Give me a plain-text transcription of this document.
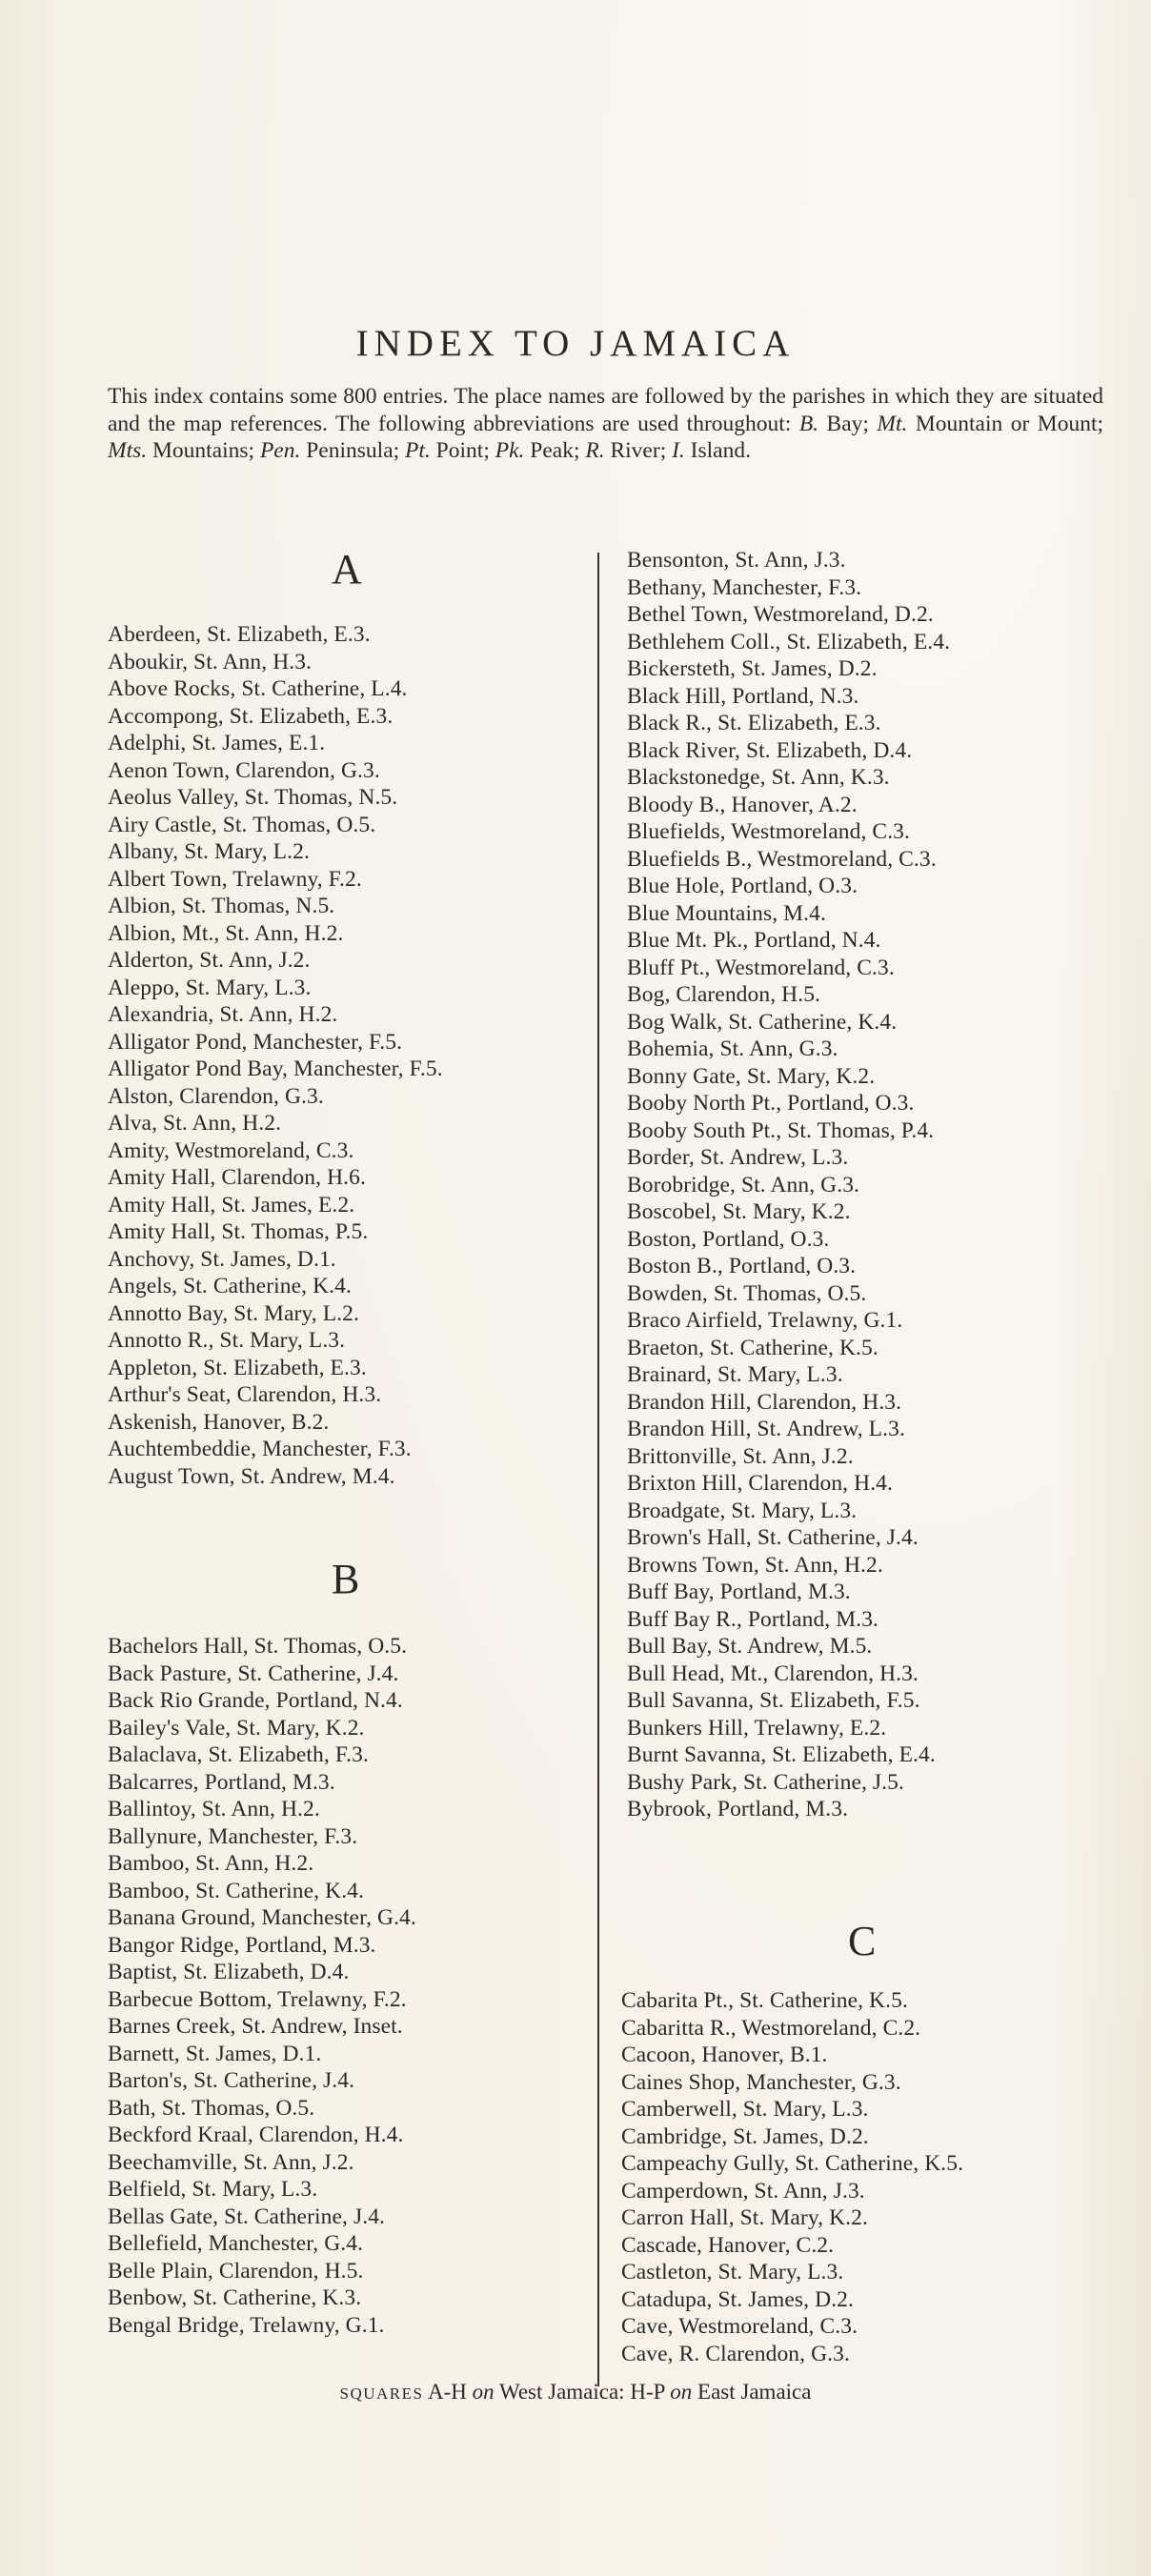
INDEX TO JAMAICA
This index contains some 800 entries. The place names are followed by the parishes in which they are situated and the map references. The following abbreviations are used throughout: B. Bay; Mt. Mountain or Mount; Mts. Mountains; Pen. Peninsula; Pt. Point; Pk. Peak; R. River; I. Island.
A
Aberdeen, St. Elizabeth, E.3.
Aboukir, St. Ann, H.3.
Above Rocks, St. Catherine, L.4.
Accompong, St. Elizabeth, E.3.
Adelphi, St. James, E.1.
Aenon Town, Clarendon, G.3.
Aeolus Valley, St. Thomas, N.5.
Airy Castle, St. Thomas, O.5.
Albany, St. Mary, L.2.
Albert Town, Trelawny, F.2.
Albion, St. Thomas, N.5.
Albion, Mt., St. Ann, H.2.
Alderton, St. Ann, J.2.
Aleppo, St. Mary, L.3.
Alexandria, St. Ann, H.2.
Alligator Pond, Manchester, F.5.
Alligator Pond Bay, Manchester, F.5.
Alston, Clarendon, G.3.
Alva, St. Ann, H.2.
Amity, Westmoreland, C.3.
Amity Hall, Clarendon, H.6.
Amity Hall, St. James, E.2.
Amity Hall, St. Thomas, P.5.
Anchovy, St. James, D.1.
Angels, St. Catherine, K.4.
Annotto Bay, St. Mary, L.2.
Annotto R., St. Mary, L.3.
Appleton, St. Elizabeth, E.3.
Arthur's Seat, Clarendon, H.3.
Askenish, Hanover, B.2.
Auchtembeddie, Manchester, F.3.
August Town, St. Andrew, M.4.
B
Bachelors Hall, St. Thomas, O.5.
Back Pasture, St. Catherine, J.4.
Back Rio Grande, Portland, N.4.
Bailey's Vale, St. Mary, K.2.
Balaclava, St. Elizabeth, F.3.
Balcarres, Portland, M.3.
Ballintoy, St. Ann, H.2.
Ballynure, Manchester, F.3.
Bamboo, St. Ann, H.2.
Bamboo, St. Catherine, K.4.
Banana Ground, Manchester, G.4.
Bangor Ridge, Portland, M.3.
Baptist, St. Elizabeth, D.4.
Barbecue Bottom, Trelawny, F.2.
Barnes Creek, St. Andrew, Inset.
Barnett, St. James, D.1.
Barton's, St. Catherine, J.4.
Bath, St. Thomas, O.5.
Beckford Kraal, Clarendon, H.4.
Beechamville, St. Ann, J.2.
Belfield, St. Mary, L.3.
Bellas Gate, St. Catherine, J.4.
Bellefield, Manchester, G.4.
Belle Plain, Clarendon, H.5.
Benbow, St. Catherine, K.3.
Bengal Bridge, Trelawny, G.1.
Bensonton, St. Ann, J.3.
Bethany, Manchester, F.3.
Bethel Town, Westmoreland, D.2.
Bethlehem Coll., St. Elizabeth, E.4.
Bickersteth, St. James, D.2.
Black Hill, Portland, N.3.
Black R., St. Elizabeth, E.3.
Black River, St. Elizabeth, D.4.
Blackstonedge, St. Ann, K.3.
Bloody B., Hanover, A.2.
Bluefields, Westmoreland, C.3.
Bluefields B., Westmoreland, C.3.
Blue Hole, Portland, O.3.
Blue Mountains, M.4.
Blue Mt. Pk., Portland, N.4.
Bluff Pt., Westmoreland, C.3.
Bog, Clarendon, H.5.
Bog Walk, St. Catherine, K.4.
Bohemia, St. Ann, G.3.
Bonny Gate, St. Mary, K.2.
Booby North Pt., Portland, O.3.
Booby South Pt., St. Thomas, P.4.
Border, St. Andrew, L.3.
Borobridge, St. Ann, G.3.
Boscobel, St. Mary, K.2.
Boston, Portland, O.3.
Boston B., Portland, O.3.
Bowden, St. Thomas, O.5.
Braco Airfield, Trelawny, G.1.
Braeton, St. Catherine, K.5.
Brainard, St. Mary, L.3.
Brandon Hill, Clarendon, H.3.
Brandon Hill, St. Andrew, L.3.
Brittonville, St. Ann, J.2.
Brixton Hill, Clarendon, H.4.
Broadgate, St. Mary, L.3.
Brown's Hall, St. Catherine, J.4.
Browns Town, St. Ann, H.2.
Buff Bay, Portland, M.3.
Buff Bay R., Portland, M.3.
Bull Bay, St. Andrew, M.5.
Bull Head, Mt., Clarendon, H.3.
Bull Savanna, St. Elizabeth, F.5.
Bunkers Hill, Trelawny, E.2.
Burnt Savanna, St. Elizabeth, E.4.
Bushy Park, St. Catherine, J.5.
Bybrook, Portland, M.3.
C
Cabarita Pt., St. Catherine, K.5.
Cabaritta R., Westmoreland, C.2.
Cacoon, Hanover, B.1.
Caines Shop, Manchester, G.3.
Camberwell, St. Mary, L.3.
Cambridge, St. James, D.2.
Campeachy Gully, St. Catherine, K.5.
Camperdown, St. Ann, J.3.
Carron Hall, St. Mary, K.2.
Cascade, Hanover, C.2.
Castleton, St. Mary, L.3.
Catadupa, St. James, D.2.
Cave, Westmoreland, C.3.
Cave, R. Clarendon, G.3.
SQUARES A-H on West Jamaica: H-P on East Jamaica
